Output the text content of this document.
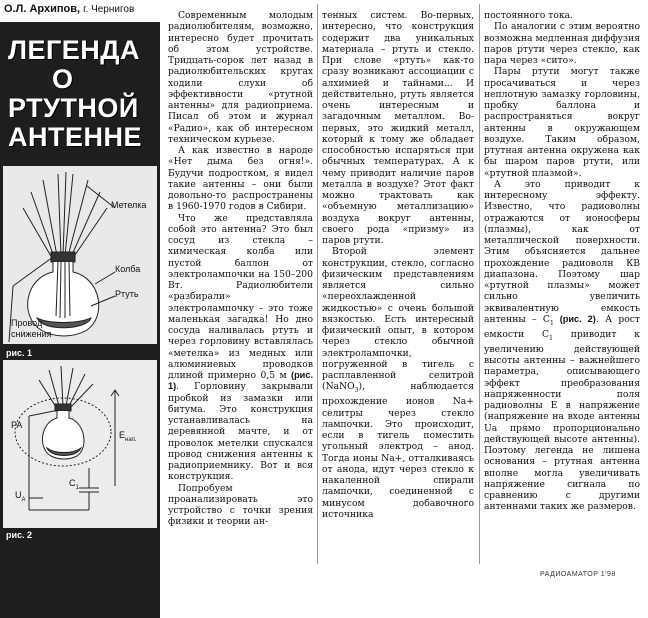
О.Л. Архипов, г. Чернигов
ЛЕГЕНДА
О
РТУТНОЙ
АНТЕННЕ
Метелка
Колба
Ртуть
Провод
снижения
рис. 1
РА
$E_{нап.}$
$C_1$
$U_A$
рис. 2

Современным молодым радиолюбителям, возможно, интересно будет прочитать об этом устройстве. Тридцать-сорок лет назад в радиолюбительских кругах ходили слухи об эффективности «ртутной антенны» для радиоприема. Писал об этом и журнал «Радио», как об интересном техническом курьезе.

А как известно в народе «Нет дыма без огня!». Будучи подростком, я видел такие антенны – они были довольно-то распространены в 1960-1970 годов в Сибири.

Что же представляла собой это антенна? Это был сосуд из стекла – химическая колба или пустой баллон от электролампочки на 150–200 Вт. Радиолюбители «разбирали» электролампочку – это тоже маленькая загадка! Но дно сосуда наливалась ртуть и через горловину вставлялась «метелка» из медных или алюминиевых проводков длиной примерно 0,5 м (рис. 1). Горловину закрывали пробкой из замазки или битума. Это конструкция устанавливалась на деревянной мачте, и от проволок метелки спускался провод снижения антенны к радиоприемнику. Вот и вся конструкция.

Попробуем проанализировать это устройство с точки зрения физики и теории ан-

тенных систем. Во-первых, интересно, что конструкция содержит два уникальных материала – ртуть и стекло. При слове «ртуть» как-то сразу возникают ассоциации с алхимией и тайнами... И действительно, ртуть является очень интересным и загадочным металлом. Во-первых, это жидкий металл, который к тому же обладает способностью испаряться при обычных температурах. А к чему приводит наличие паров металла в воздухе? Этот факт можно трактовать как «объемную металлизацию» воздуха вокруг антенны, своего рода «призму» из паров ртути.

Второй элемент конструкции, стекло, согласно физическим представлениям является сильно «переохлажденной жидкостью» с очень большой вязкостью. Есть интересный физический опыт, в котором через стекло обычной электролампочки, погруженной в тигель с расплавленной селитрой (NaNO$_3$), наблюдается прохождение ионов Na+ селитры через стекло лампочки. Это происходит, если в тигель поместить угольный электрод – анод. Тогда ионы Na+, отталкиваясь от анода, идут через стекло к накаленной спирали лампочки, соединенной с минусом добавочного источника

постоянного тока.

По аналогии с этим вероятно возможна медленная диффузия паров ртути через стекло, как пара через «сито».

Пары ртути могут также просачиваться и через неплотную замазку горловины, пробку баллона и распространяться вокруг антенны в окружающем воздухе. Таким образом, ртутная антенна окружена как бы шаром паров ртути, или «ртутной плазмой».

А это приводит к интересному эффекту. Известно, что радиоволны отражаются от ионосферы (плазмы), как от металлической поверхности. Этим объясняется дальнее прохождение радиоволн КВ диапазона. Поэтому шар «ртутной плазмы» может сильно увеличить эквивалентную емкость антенны – $С_1$ (рис. 2). А рост емкости $С_1$ приводит к увеличению действующей высоты антенны – важнейшего параметра, описывающего эффект преобразования напряженности поля радиоволны Е в напряжение (напряжение на входе антенны Uа прямо пропорционально действующей высоте антенны). Поэтому легенда не лишена основания – ртутная антенна вполне могла увеличивать напряжение сигнала по сравнению с другими антеннами таких же размеров.

РАДИОАМАТОР 1'98
